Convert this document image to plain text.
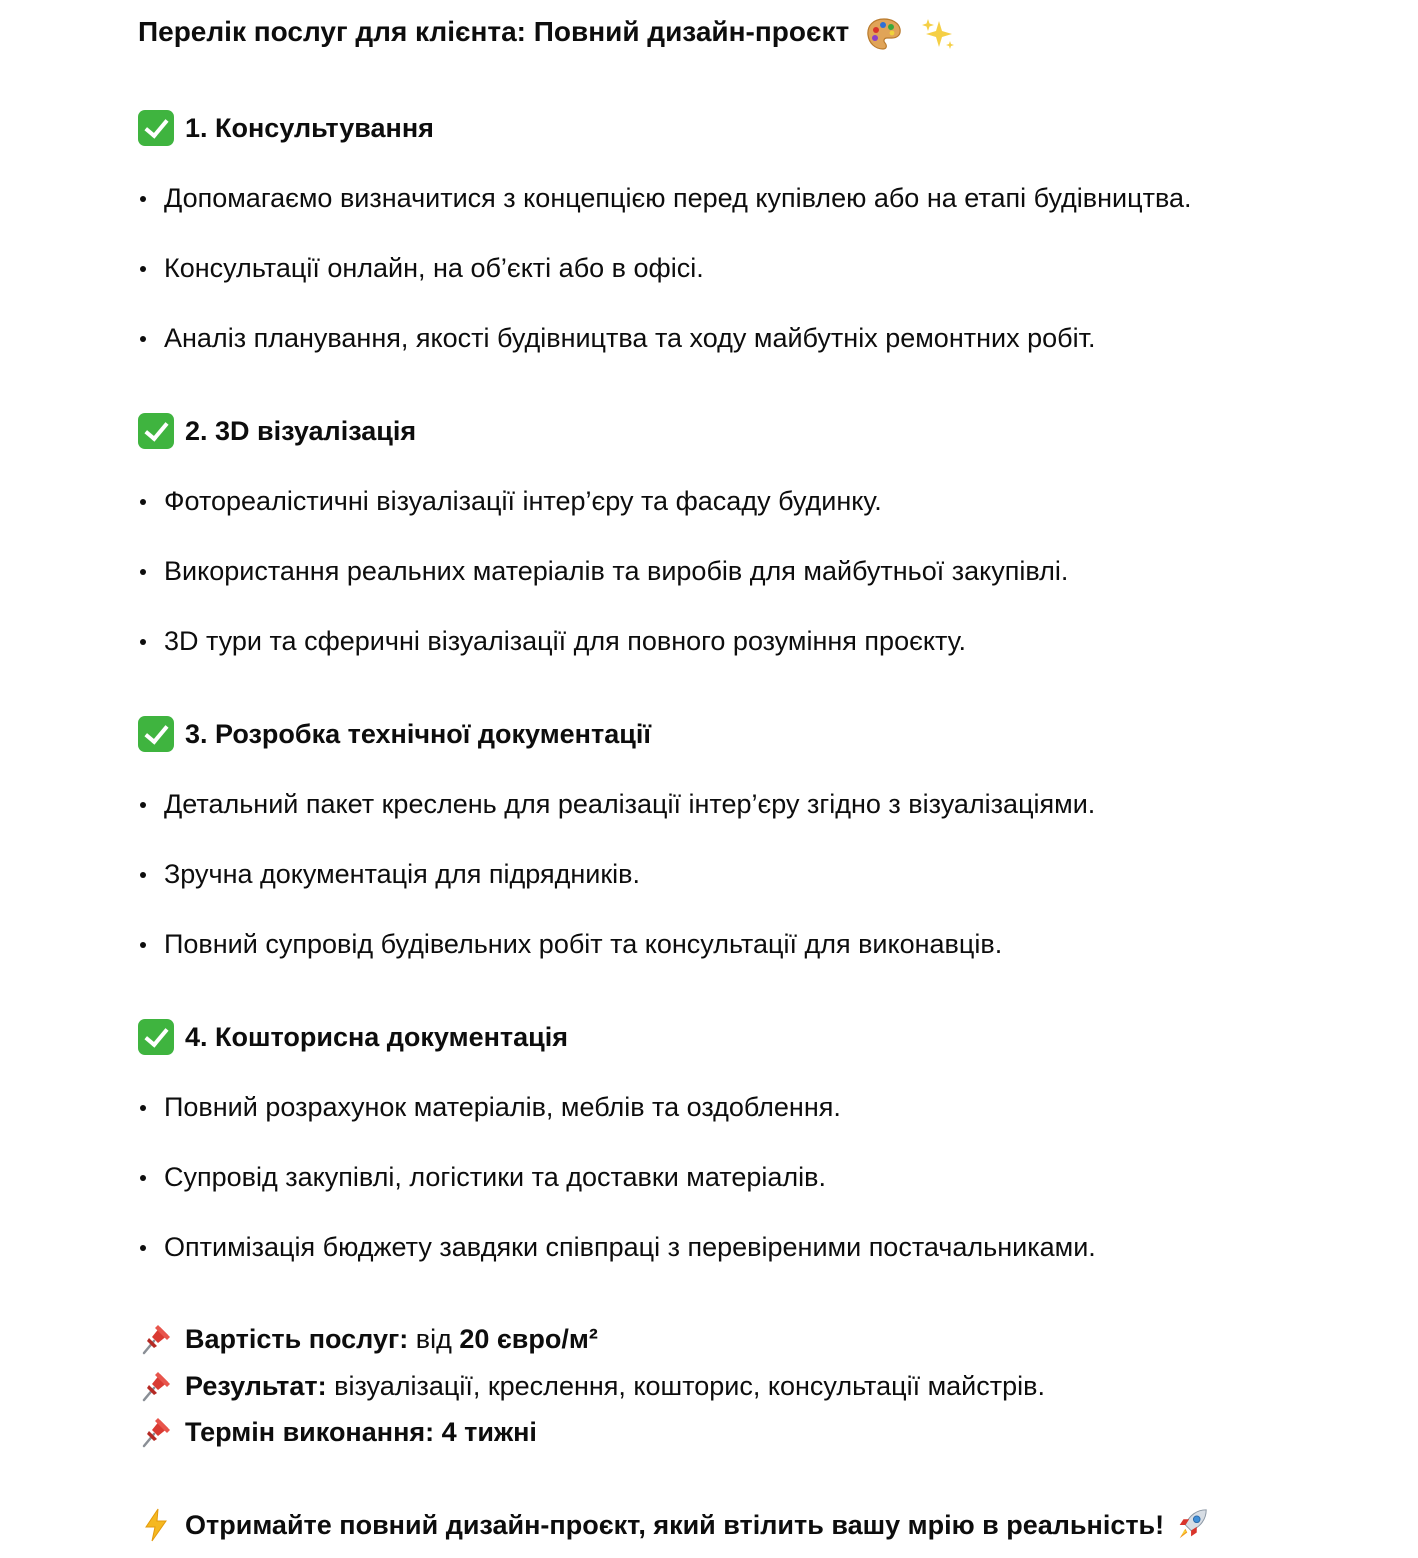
Перелік послуг для клієнта: Повний дизайн-проєкт

1. Консультування
Допомагаємо визначитися з концепцією перед купівлею або на етапі будівництва.
Консультації онлайн, на об’єкті або в офісі.
Аналіз планування, якості будівництва та ходу майбутніх ремонтних робіт.
2. 3D візуалізація
Фотореалістичні візуалізації інтер’єру та фасаду будинку.
Використання реальних матеріалів та виробів для майбутньої закупівлі.
3D тури та сферичні візуалізації для повного розуміння проєкту.
3. Розробка технічної документації
Детальний пакет креслень для реалізації інтер’єру згідно з візуалізаціями.
Зручна документація для підрядників.
Повний супровід будівельних робіт та консультації для виконавців.
4. Кошторисна документація
Повний розрахунок матеріалів, меблів та оздоблення.
Супровід закупівлі, логістики та доставки матеріалів.
Оптимізація бюджету завдяки співпраці з перевіреними постачальниками.
Вартість послуг: від 20 євро/м²
Результат: візуалізації, креслення, кошторис, консультації майстрів.
Термін виконання: 4 тижні
Отримайте повний дизайн-проєкт, який втілить вашу мрію в реальність!
